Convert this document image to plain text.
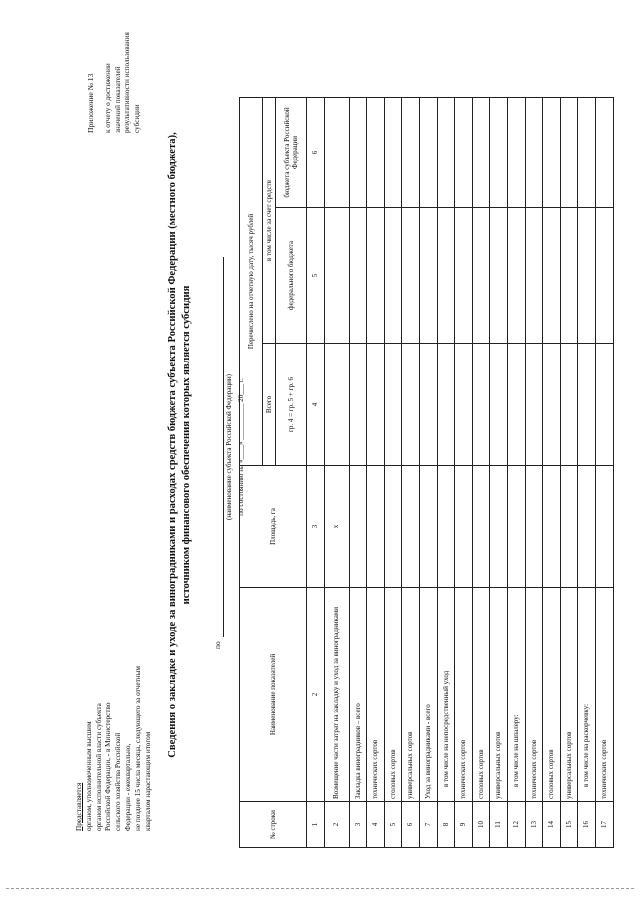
Приложение № 13 к отчету о достижении значений показателей результативности использования субсидии
Представляется органом, уполномоченным высшим органом исполнительной власти субъекта Российской Федерации, - в Министерство сельского хозяйства Российской Федерации - ежеквартально, не позднее 15 числа месяца, следующего за отчетным кварталом нарастающим итогом
Сведения о закладке и уходе за виноградниками и расходах средств бюджета субъекта Российской Федерации (местного бюджета), источником финансового обеспечения которых является субсидия
по
(наименование субъекта Российской Федерации) по состоянию на «____» __________ 20___ г.
№ строки	Наименование показателей	Площадь, га	Перечислено на отчетную дату, тысяч рублей		
			Всего	в том числе за счет средств	
			гр. 4 = гр. 5 + гр. 6	федерального бюджета	бюджета субъекта Российской Федерации
1	2	3	4	5	6
2	Возмещение части затрат на закладку и уход за виноградниками	х			
3	Закладка виноградников – всего				
4	технических сортов				
5	столовых сортов				
6	универсальных сортов				
7	Уход за виноградниками - всего				
8	в том числе на непосредственный уход				
9	технических сортов				
10	столовых сортов				
11	универсальных сортов				
12	в том числе на шпалеру:				
13	технических сортов				
14	столовых сортов				
15	универсальных сортов				
16	в том числе на раскорчевку:				
17	технических сортов				
